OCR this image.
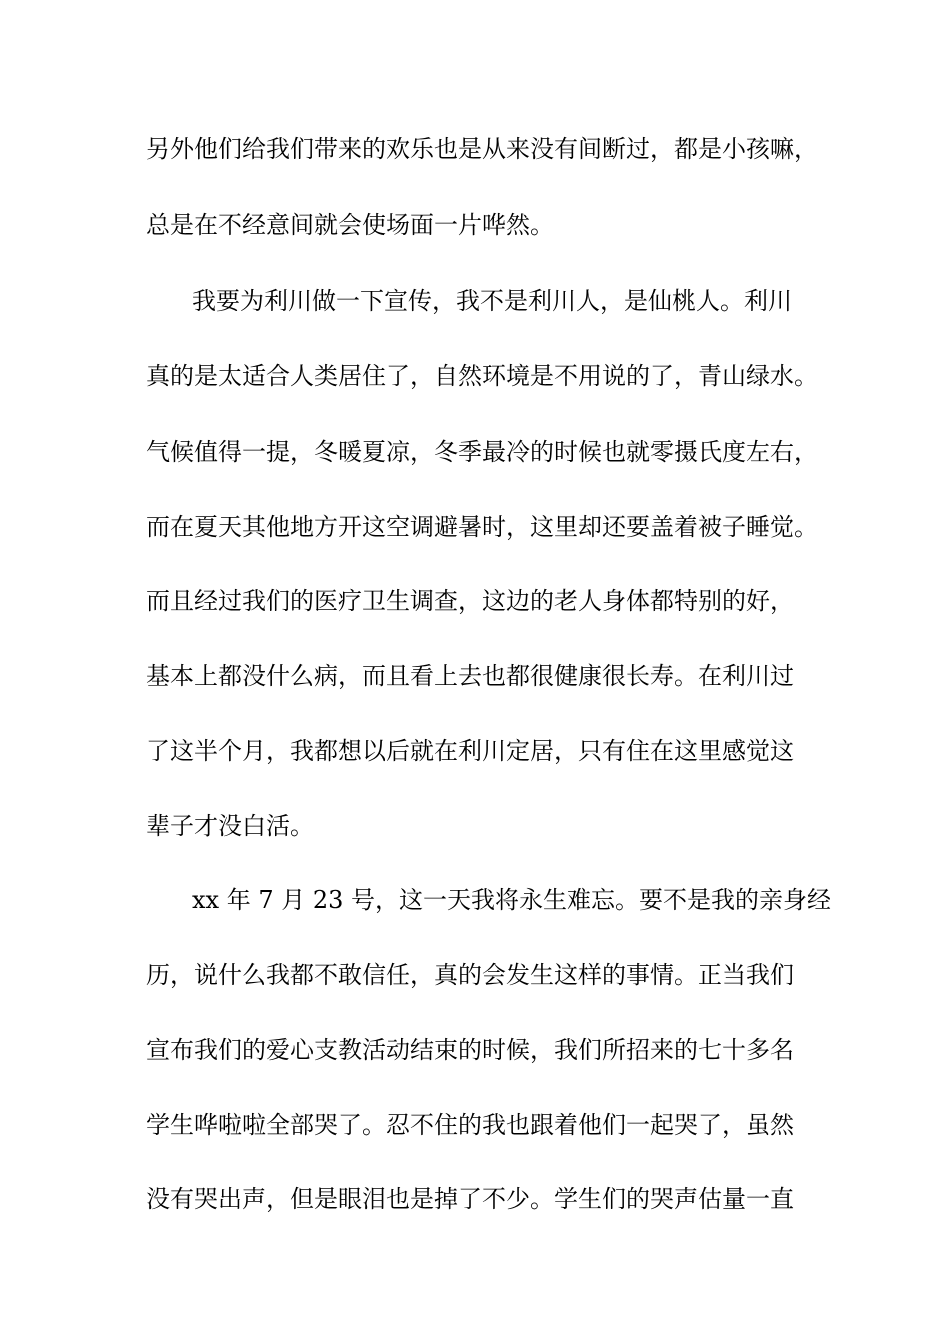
另外他们给我们带来的欢乐也是从来没有间断过，都是小孩嘛，
总是在不经意间就会使场面一片哗然。
我要为利川做一下宣传，我不是利川人，是仙桃人。利川
真的是太适合人类居住了，自然环境是不用说的了，青山绿水。
气候值得一提，冬暖夏凉，冬季最冷的时候也就零摄氏度左右，
而在夏天其他地方开这空调避暑时，这里却还要盖着被子睡觉。
而且经过我们的医疗卫生调查，这边的老人身体都特别的好，
基本上都没什么病，而且看上去也都很健康很长寿。在利川过
了这半个月，我都想以后就在利川定居，只有住在这里感觉这
辈子才没白活。
xx 年 7 月 23 号，这一天我将永生难忘。要不是我的亲身经
历，说什么我都不敢信任，真的会发生这样的事情。正当我们
宣布我们的爱心支教活动结束的时候，我们所招来的七十多名
学生哗啦啦全部哭了。忍不住的我也跟着他们一起哭了，虽然
没有哭出声，但是眼泪也是掉了不少。学生们的哭声估量一直
